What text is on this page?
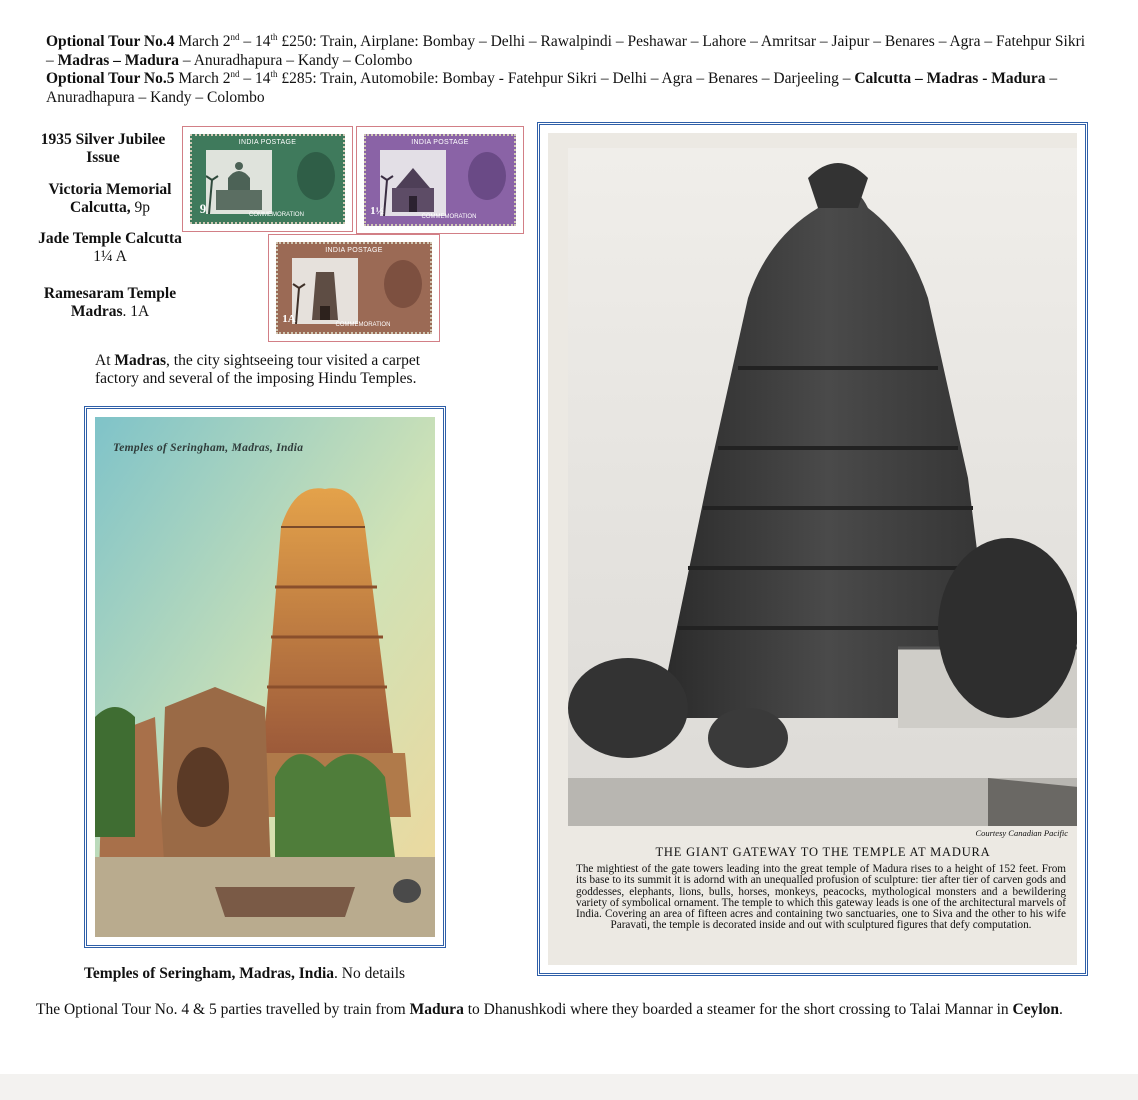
Optional Tour No.4 March 2nd – 14th £250: Train, Airplane: Bombay – Delhi – Rawalpindi – Peshawar – Lahore – Amritsar – Jaipur – Benares – Agra – Fatehpur Sikri – Madras – Madura – Anuradhapura – Kandy – Colombo

Optional Tour No.5 March 2nd – 14th £285: Train, Automobile: Bombay - Fatehpur Sikri – Delhi – Agra – Benares – Darjeeling – Calcutta – Madras - Madura – Anuradhapura – Kandy – Colombo

1935 Silver Jubilee Issue
Victoria Memorial Calcutta, 9p
Jade Temple Calcutta
1¼ A
Ramesaram Temple
Madras. 1A
INDIA POSTAGE
9	COMMEMORATION
INDIA POSTAGE
1½	COMMEMORATION
INDIA POSTAGE
1A	COMMEMORATION
At Madras, the city sightseeing tour visited a carpet factory and several of the imposing Hindu Temples.
Temples of Seringham, Madras, India
Temples of Seringham, Madras, India. No details
Courtesy Canadian Pacific
THE GIANT GATEWAY TO THE TEMPLE AT MADURA
The mightiest of the gate towers leading into the great temple of Madura rises to a height of 152 feet. From its base to its summit it is adornd with an unequalled profusion of sculpture: tier after tier of carven gods and goddesses, elephants, lions, bulls, horses, monkeys, peacocks, mythological monsters and a bewildering variety of symbolical ornament. The temple to which this gateway leads is one of the architectural marvels of India. Covering an area of fifteen acres and containing two sanctuaries, one to Siva and the other to his wife Paravati, the temple is decorated inside and out with sculptured figures that defy computation.
The Optional Tour No. 4 & 5 parties travelled by train from Madura to Dhanushkodi where they boarded a steamer for the short crossing to Talai Mannar in Ceylon.
